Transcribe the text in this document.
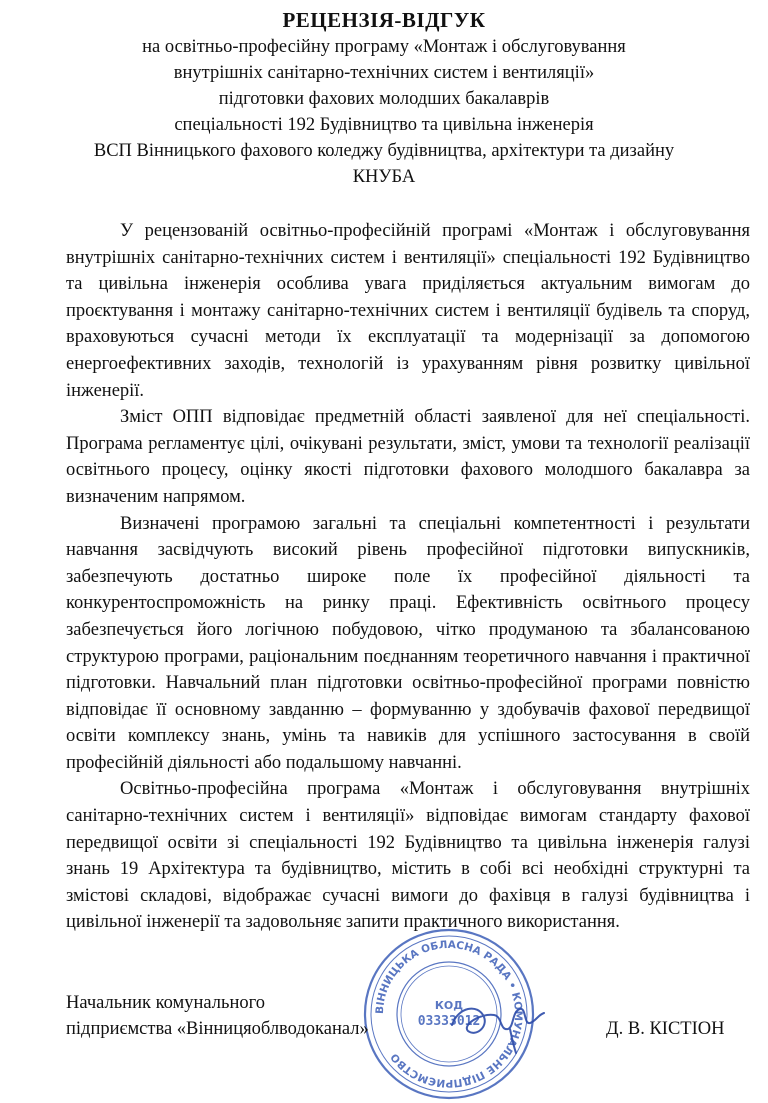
РЕЦЕНЗІЯ-ВІДГУК
на освітньо-професійну програму «Монтаж і обслуговування
внутрішніх санітарно-технічних систем і вентиляції»
підготовки фахових молодших бакалаврів
спеціальності 192 Будівництво та цивільна інженерія
ВСП Вінницького фахового коледжу будівництва, архітектури та дизайну
КНУБА

У рецензованій освітньо-професійній програмі «Монтаж і обслуговування внутрішніх санітарно-технічних систем і вентиляції» спеціальності 192 Будівництво та цивільна інженерія особлива увага приділяється актуальним вимогам до проєктування і монтажу санітарно-технічних систем і вентиляції будівель та споруд, враховуються сучасні методи їх експлуатації та модернізації за допомогою енергоефективних заходів, технологій із урахуванням рівня розвитку цивільної інженерії.

Зміст ОПП відповідає предметній області заявленої для неї спеціальності. Програма регламентує цілі, очікувані результати, зміст, умови та технології реалізації освітнього процесу, оцінку якості підготовки фахового молодшого бакалавра за визначеним напрямом.

Визначені програмою загальні та спеціальні компетентності і результати навчання засвідчують високий рівень професійної підготовки випускників, забезпечують достатньо широке поле їх професійної діяльності та конкурентоспроможність на ринку праці. Ефективність освітнього процесу забезпечується його логічною побудовою, чітко продуманою та збалансованою структурою програми, раціональним поєднанням теоретичного навчання і практичної підготовки. Навчальний план підготовки освітньо-професійної програми повністю відповідає її основному завданню – формуванню у здобувачів фахової передвищої освіти комплексу знань, умінь та навиків для успішного застосування в своїй професійній діяльності або подальшому навчанні.

Освітньо-професійна програма «Монтаж і обслуговування внутрішніх санітарно-технічних систем і вентиляції» відповідає вимогам стандарту фахової передвищої освіти зі спеціальності 192 Будівництво та цивільна інженерія галузі знань 19 Архітектура та будівництво, містить в собі всі необхідні структурні та змістові складові, відображає сучасні вимоги до фахівця в галузі будівництва і цивільної інженерії та задовольняє запити практичного використання.

ВІННИЦЬКА ОБЛАСНА РАДА • КОМУНАЛЬНЕ ПІДПРИЄМСТВО
КОД
03333012
Начальник комунального
підприємства «Вінницяоблводоканал»	Д. В. КІСТІОН
